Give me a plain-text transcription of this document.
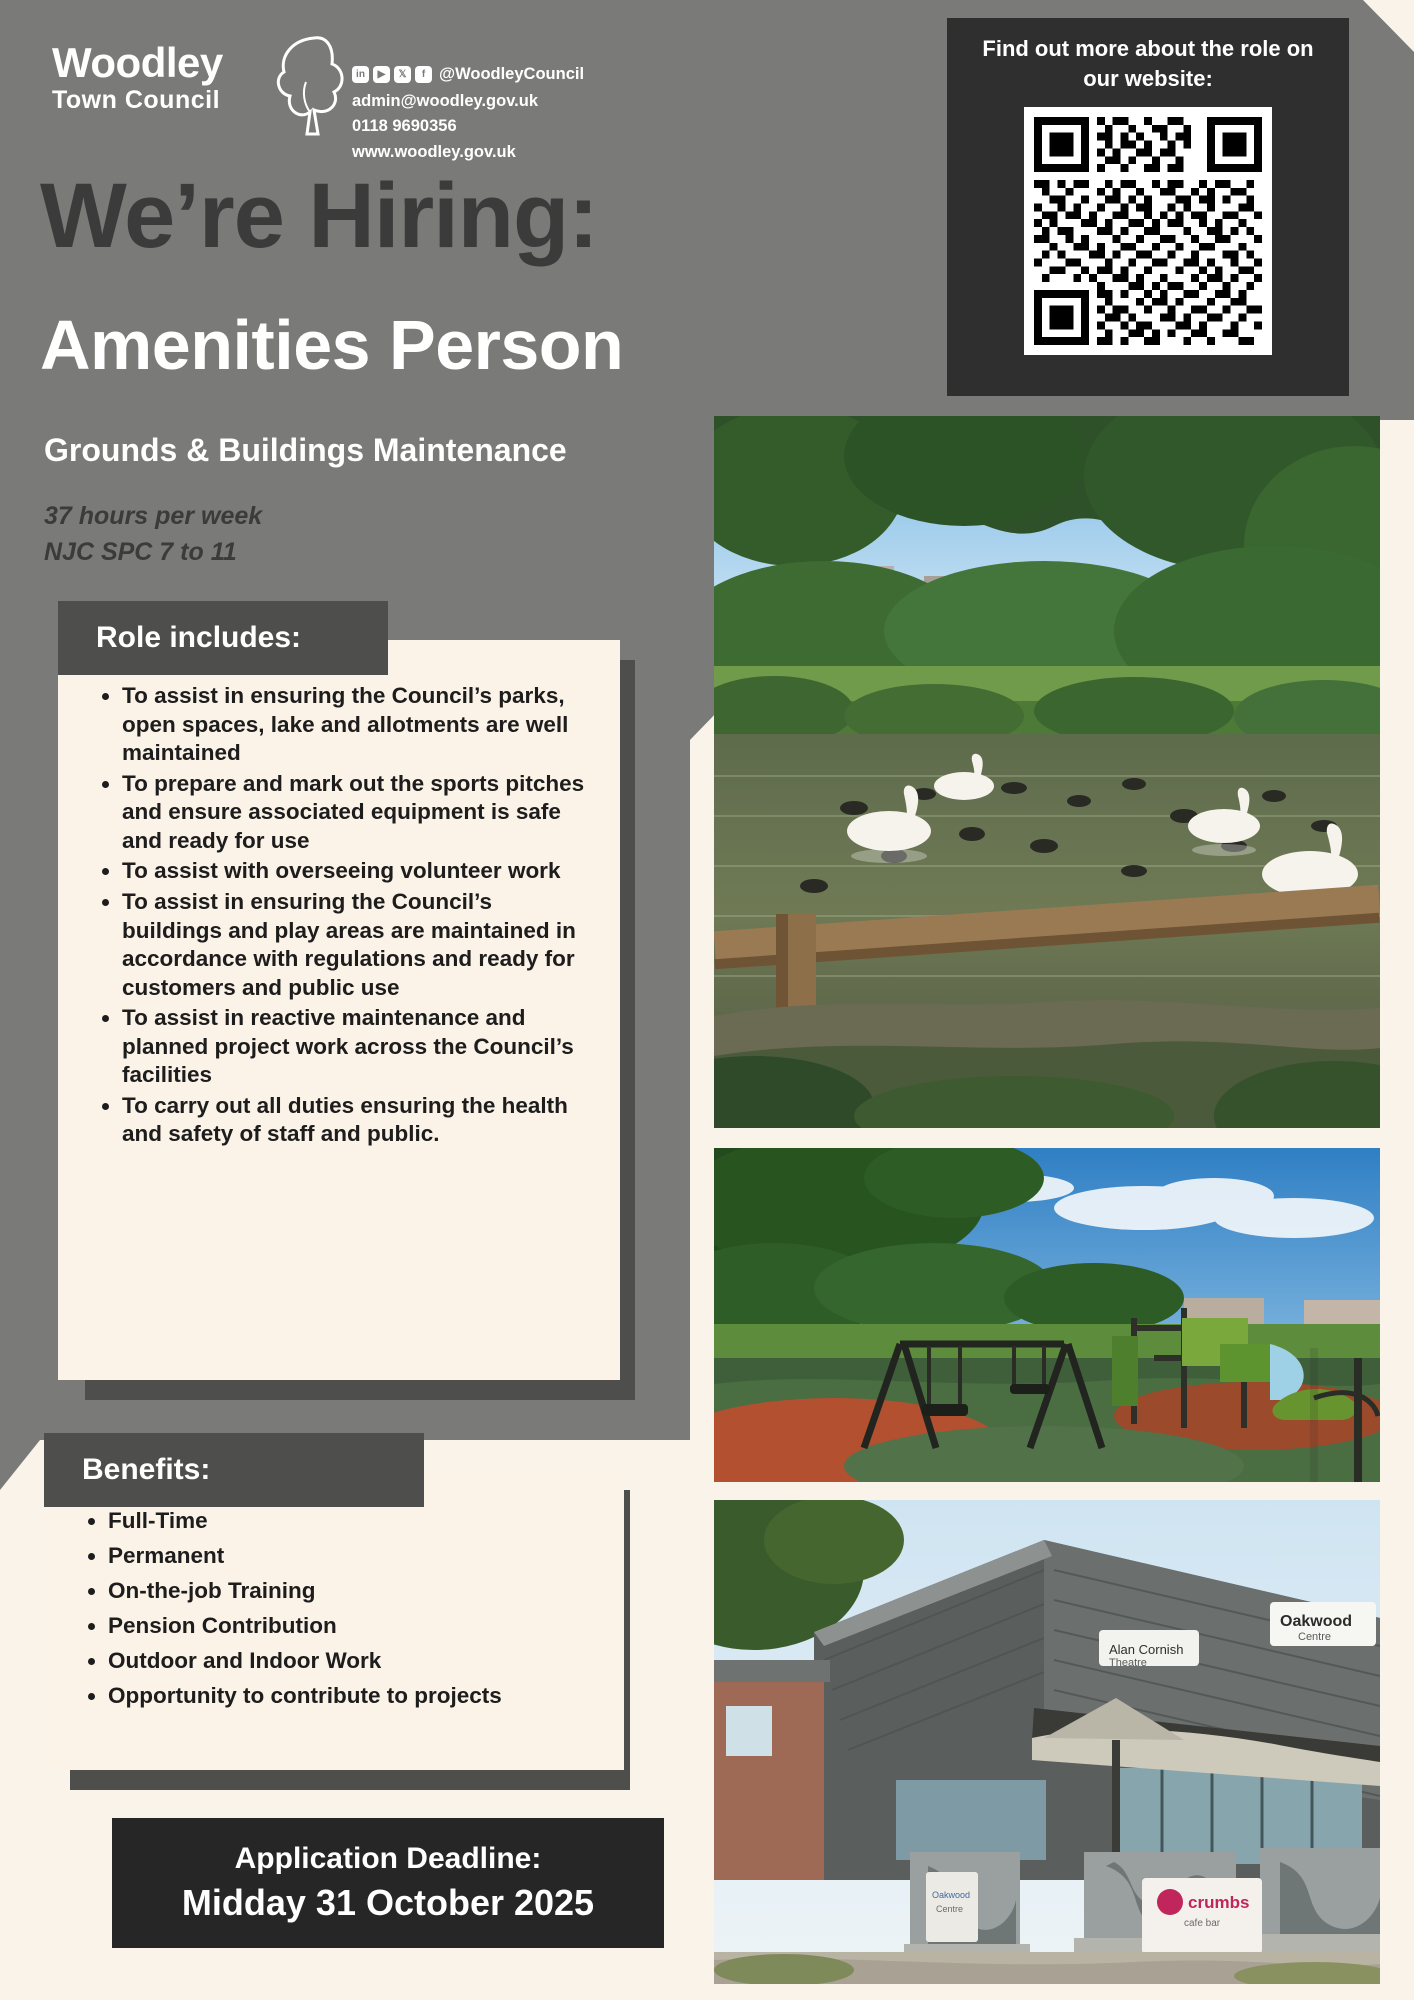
Woodley
Town Council
in	▶	𝕏	f @WoodleyCouncil
admin@woodley.gov.uk
0118 9690356
www.woodley.gov.uk
Find out more about the role on our website:
We’re Hiring:
Amenities Person
Grounds & Buildings Maintenance
37 hours per week
NJC SPC 7 to 11
• To assist in ensuring the Council’s parks, open spaces, lake and allotments are well maintained
• To prepare and mark out the sports pitches and ensure associated equipment is safe and ready for use
• To assist with overseeing volunteer work
• To assist in ensuring the Council’s buildings and play areas are maintained in accordance with regulations and ready for customers and public use
• To assist in reactive maintenance and planned project work across the Council’s facilities
• To carry out all duties ensuring the health and safety of staff and public.
Role includes:
• Full-Time
• Permanent
• On-the-job Training
• Pension Contribution
• Outdoor and Indoor Work
• Opportunity to contribute to projects
Benefits:
Application Deadline:
Midday 31 October 2025
Alan Cornish
Theatre
Oakwood
Centre
crumbs
cafe bar
Oakwood
Centre
